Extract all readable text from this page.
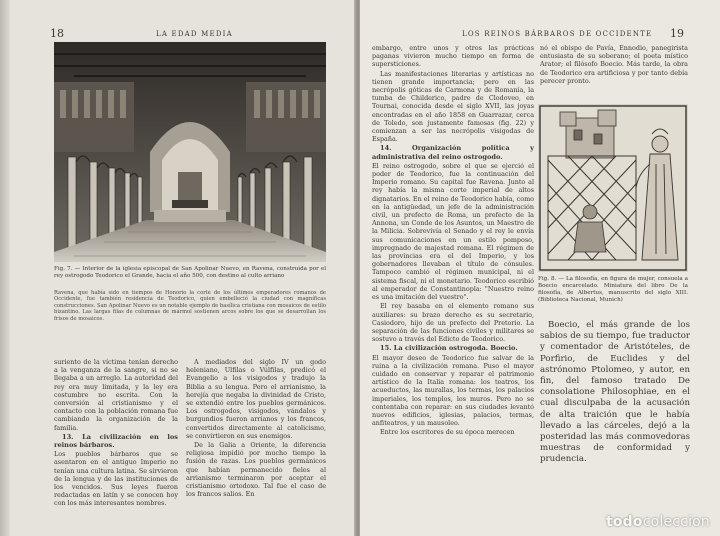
18	LA EDAD MEDIA
Fig. 7. — Interior de la iglesia episcopal de San Apolinar Nuevo, en Ravena, construida por el rey ostrogodo Teodorico el Grande, hacia el año 500, con destino al culto arriano
Ravena, que había sido en tiempos de Honorio la corte de los últimos emperadores romanos de Occidente, fue también residencia de Teodorico, quien embelleció la ciudad con magníficas construcciones. San Apolinar Nuevo es un notable ejemplo de basílica cristiana con mosaicos de estilo bizantino. Las largas filas de columnas de mármol sostienen arcos sobre los que se desarrollan los frisos de mosaicos.

suriento de la víctima tenían derecho a la venganza de la sangre, si no se llegaba a un arreglo. La autoridad del rey era muy limitada, y la ley era costumbre no escrita. Con la conversión al cristianismo y el contacto con la población romana fue cambiando la organización de la familia.

13. La civilización en los reinos bárbaros.

Los pueblos bárbaros que se asentaron en el antiguo Imperio no tenían una cultura latina. Se sirvieron de la lengua y de las instituciones de los vencidos. Sus leyes fueron redactadas en latín y se conocen hoy con los más interesantes nombres.

A mediados del siglo IV un godo heleniano, Ulfilas o Vúlfilas, predicó el Evangelio a los visigodos y tradujo la Biblia a su lengua. Pero el arrianismo, la herejía que negaba la divinidad de Cristo, se extendió entre los pueblos germánicos. Los ostrogodos, visigodos, vándalos y burgundios fueron arrianos y los francos, convertidos directamente al catolicismo, se convirtieron en sus enemigos.

De la Galia a Oriente, la diferencia religiosa impidió por mucho tiempo la fusión de razas. Los pueblos germánicos que habían permanecido fieles al arrianismo terminaron por aceptar el cristianismo ortodoxo. Tal fue el caso de los francos salios. En

LOS REINOS BÁRBAROS DE OCCIDENTE 19

embargo, entre unos y otros las prácticas paganas vivieron mucho tiempo en forma de supersticiones.

Las manifestaciones literarias y artísticas no tienen grande importancia; pero en las necrópolis góticas de Carmona y de Romanía, la tumba de Childerico, padre de Clodoveo, en Tournai, conocida desde el siglo XVII, las joyas encontradas en el año 1858 en Guarrazar, cerca de Toledo, son justamente famosas (fig. 22) y comienzan a ser las necrópolis visigodas de España.

14. Organización política y administrativa del reino ostrogodo.

El reino ostrogodo, sobre el que se ejerció el poder de Teodorico, fue la continuación del Imperio romano. Su capital fue Ravena. Junto al rey había la misma corte imperial de altos dignatarios. En el reino de Teodorico había, como en la antigüedad, un jefe de la administración civil, un prefecto de Roma, un prefecto de la Annona, un Conde de los Asuntos, un Maestro de la Milicia. Sobrevivía el Senado y el rey le envía sus comunicaciones en un estilo pomposo, impregnado de majestad romana. El régimen de las provincias era el del Imperio, y los gobernadores llevaban el título de cónsules. Tampoco cambió el régimen municipal, ni el sistema fiscal, ni el monetario. Teodorico escribió al emperador de Constantinopla: "Nuestro reino es una imitación del vuestro".

El rey basaba en el elemento romano sus auxiliares: su brazo derecho es su secretario, Casiodoro, hijo de un prefecto del Pretorio. La separación de las funciones civiles y militares se sostuvo a través del Edicto de Teodorico.

15. La civilización ostrogoda. Boecio.

El mayor deseo de Teodorico fue salvar de la ruina a la civilización romana. Puso el mayor cuidado en conservar y reparar el patrimonio artístico de la Italia romana: los teatros, los acueductos, las murallas, los termas, los palacios imperiales, los templos, los muros. Pero no se contentaba con reparar: en sus ciudades levantó nuevos edificios, iglesias, palacios, termas, anfiteatros, y un mausoleo.

Entre los escritores de su época merecen

nó el obispo de Pavía, Ennodio, panegirista entusiasta de su soberano; el poeta místico Arator; el filósofo Boecio. Más tarde, la obra de Teodorico era artificiosa y por tanto debía perecer pronto.

Fig. 8. — La filosofía, en figura de mujer, consuela a Boecio encarcelado. Miniatura del libro De la filosofía, de Albertus, manuscrito del siglo XIII. (Biblioteca Nacional, Munich)

Boecio, el más grande de los sabios de su tiempo, fue traductor y comentador de Aristóteles, de Porfirio, de Euclides y del astrónomo Ptolomeo, y autor, en fin, del famoso tratado De consolatione Philosophiae, en el cual disculpaba de la acusación de alta traición que le había llevado a las cárceles, dejó a la posteridad las más conmovedoras muestras de conformidad y prudencia.

todocoleccion
